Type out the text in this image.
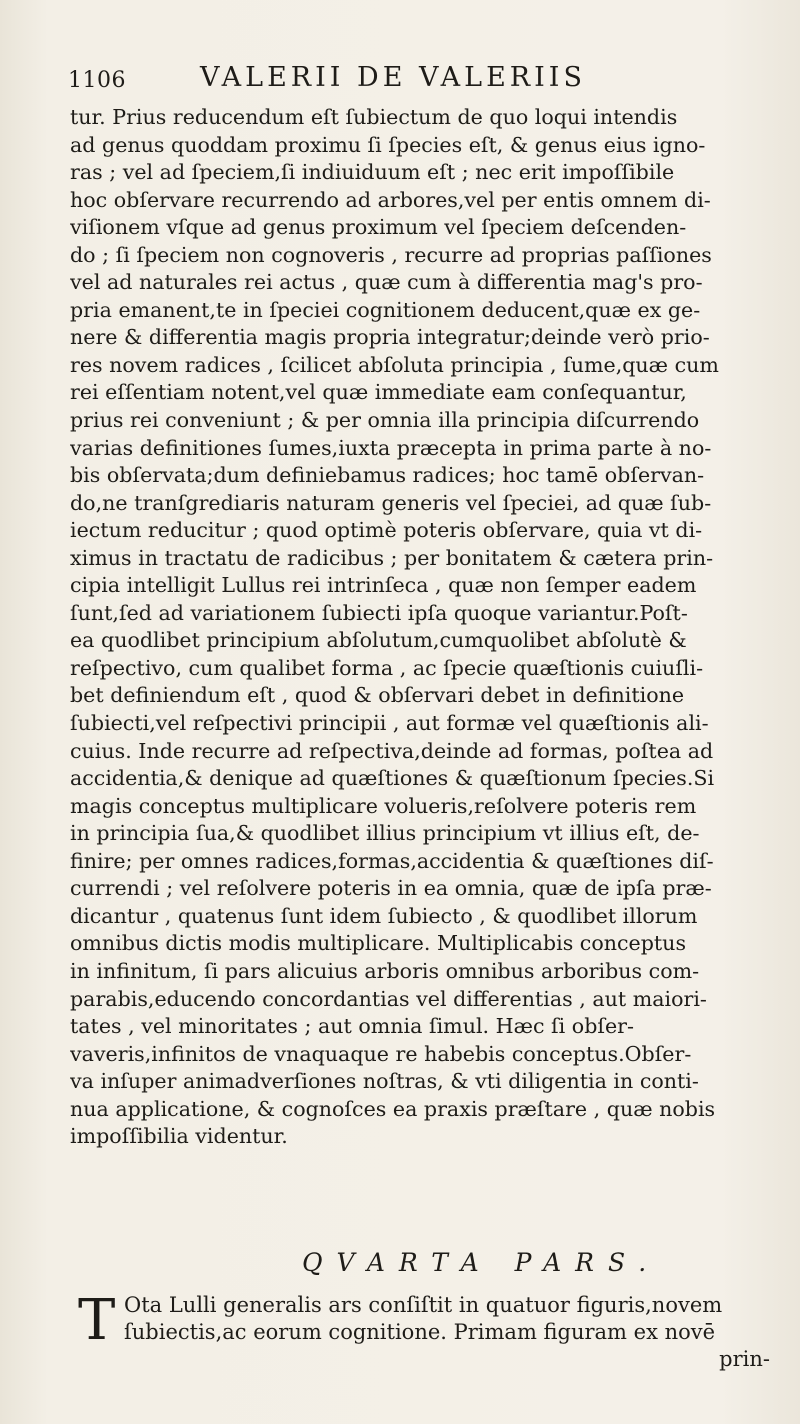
1106	VALERII DE VALERIIS
tur. Prius reducendum eſt ſubiectum de quo loqui intendis
ad genus quoddam proximu ſi ſpecies eſt, & genus eius igno-
ras ; vel ad ſpeciem,ſi indiuiduum eſt ; nec erit impoſſibile
hoc obſervare recurrendo ad arbores,vel per entis omnem di-
viſionem vſque ad genus proximum vel ſpeciem deſcenden-
do ; ſi ſpeciem non cognoveris , recurre ad proprias paſſiones
vel ad naturales rei actus , quæ cum à differentia mag's pro-
pria emanent,te in ſpeciei cognitionem deducent,quæ ex ge-
nere & differentia magis propria integratur;deinde verò prio-
res novem radices , ſcilicet abſoluta principia , ſume,quæ cum
rei eſſentiam notent,vel quæ immediate eam conſequantur,
prius rei conveniunt ; & per omnia illa principia diſcurrendo
varias definitiones ſumes,iuxta præcepta in prima parte à no-
bis obſervata;dum definiebamus radices; hoc tamē obſervan-
do,ne tranſgrediaris naturam generis vel ſpeciei, ad quæ ſub-
iectum reducitur ; quod optimè poteris obſervare, quia vt di-
ximus in tractatu de radicibus ; per bonitatem & cætera prin-
cipia intelligit Lullus rei intrinſeca , quæ non ſemper eadem
ſunt,ſed ad variationem ſubiecti ipſa quoque variantur.Poſt-
ea quodlibet principium abſolutum,cumquolibet abſolutè &
reſpectivo, cum qualibet forma , ac ſpecie quæſtionis cuiuſli-
bet definiendum eſt , quod & obſervari debet in definitione
ſubiecti,vel reſpectivi principii , aut formæ vel quæſtionis ali-
cuius. Inde recurre ad reſpectiva,deinde ad formas, poſtea ad
accidentia,& denique ad quæſtiones & quæſtionum ſpecies.Si
magis conceptus multiplicare volueris,reſolvere poteris rem
in principia ſua,& quodlibet illius principium vt illius eſt, de-
finire; per omnes radices,formas,accidentia & quæſtiones diſ-
currendi ; vel reſolvere poteris in ea omnia, quæ de ipſa præ-
dicantur , quatenus ſunt idem ſubiecto , & quodlibet illorum
omnibus dictis modis multiplicare. Multiplicabis conceptus
in infinitum, ſi pars alicuius arboris omnibus arboribus com-
parabis,educendo concordantias vel differentias , aut maiori-
tates , vel minoritates ; aut omnia ſimul. Hæc ſi obſer-
vaveris,infinitos de vnaquaque re habebis conceptus.Obſer-
va inſuper animadverſiones noſtras, & vti diligentia in conti-
nua applicatione, & cognoſces ea praxis præſtare , quæ nobis
impoſſibilia videntur.
QVARTA PARS.
T Ota Lulli generalis ars conſiſtit in quatuor figuris,novem
ſubiectis,ac eorum cognitione. Primam figuram ex novē
prin-
